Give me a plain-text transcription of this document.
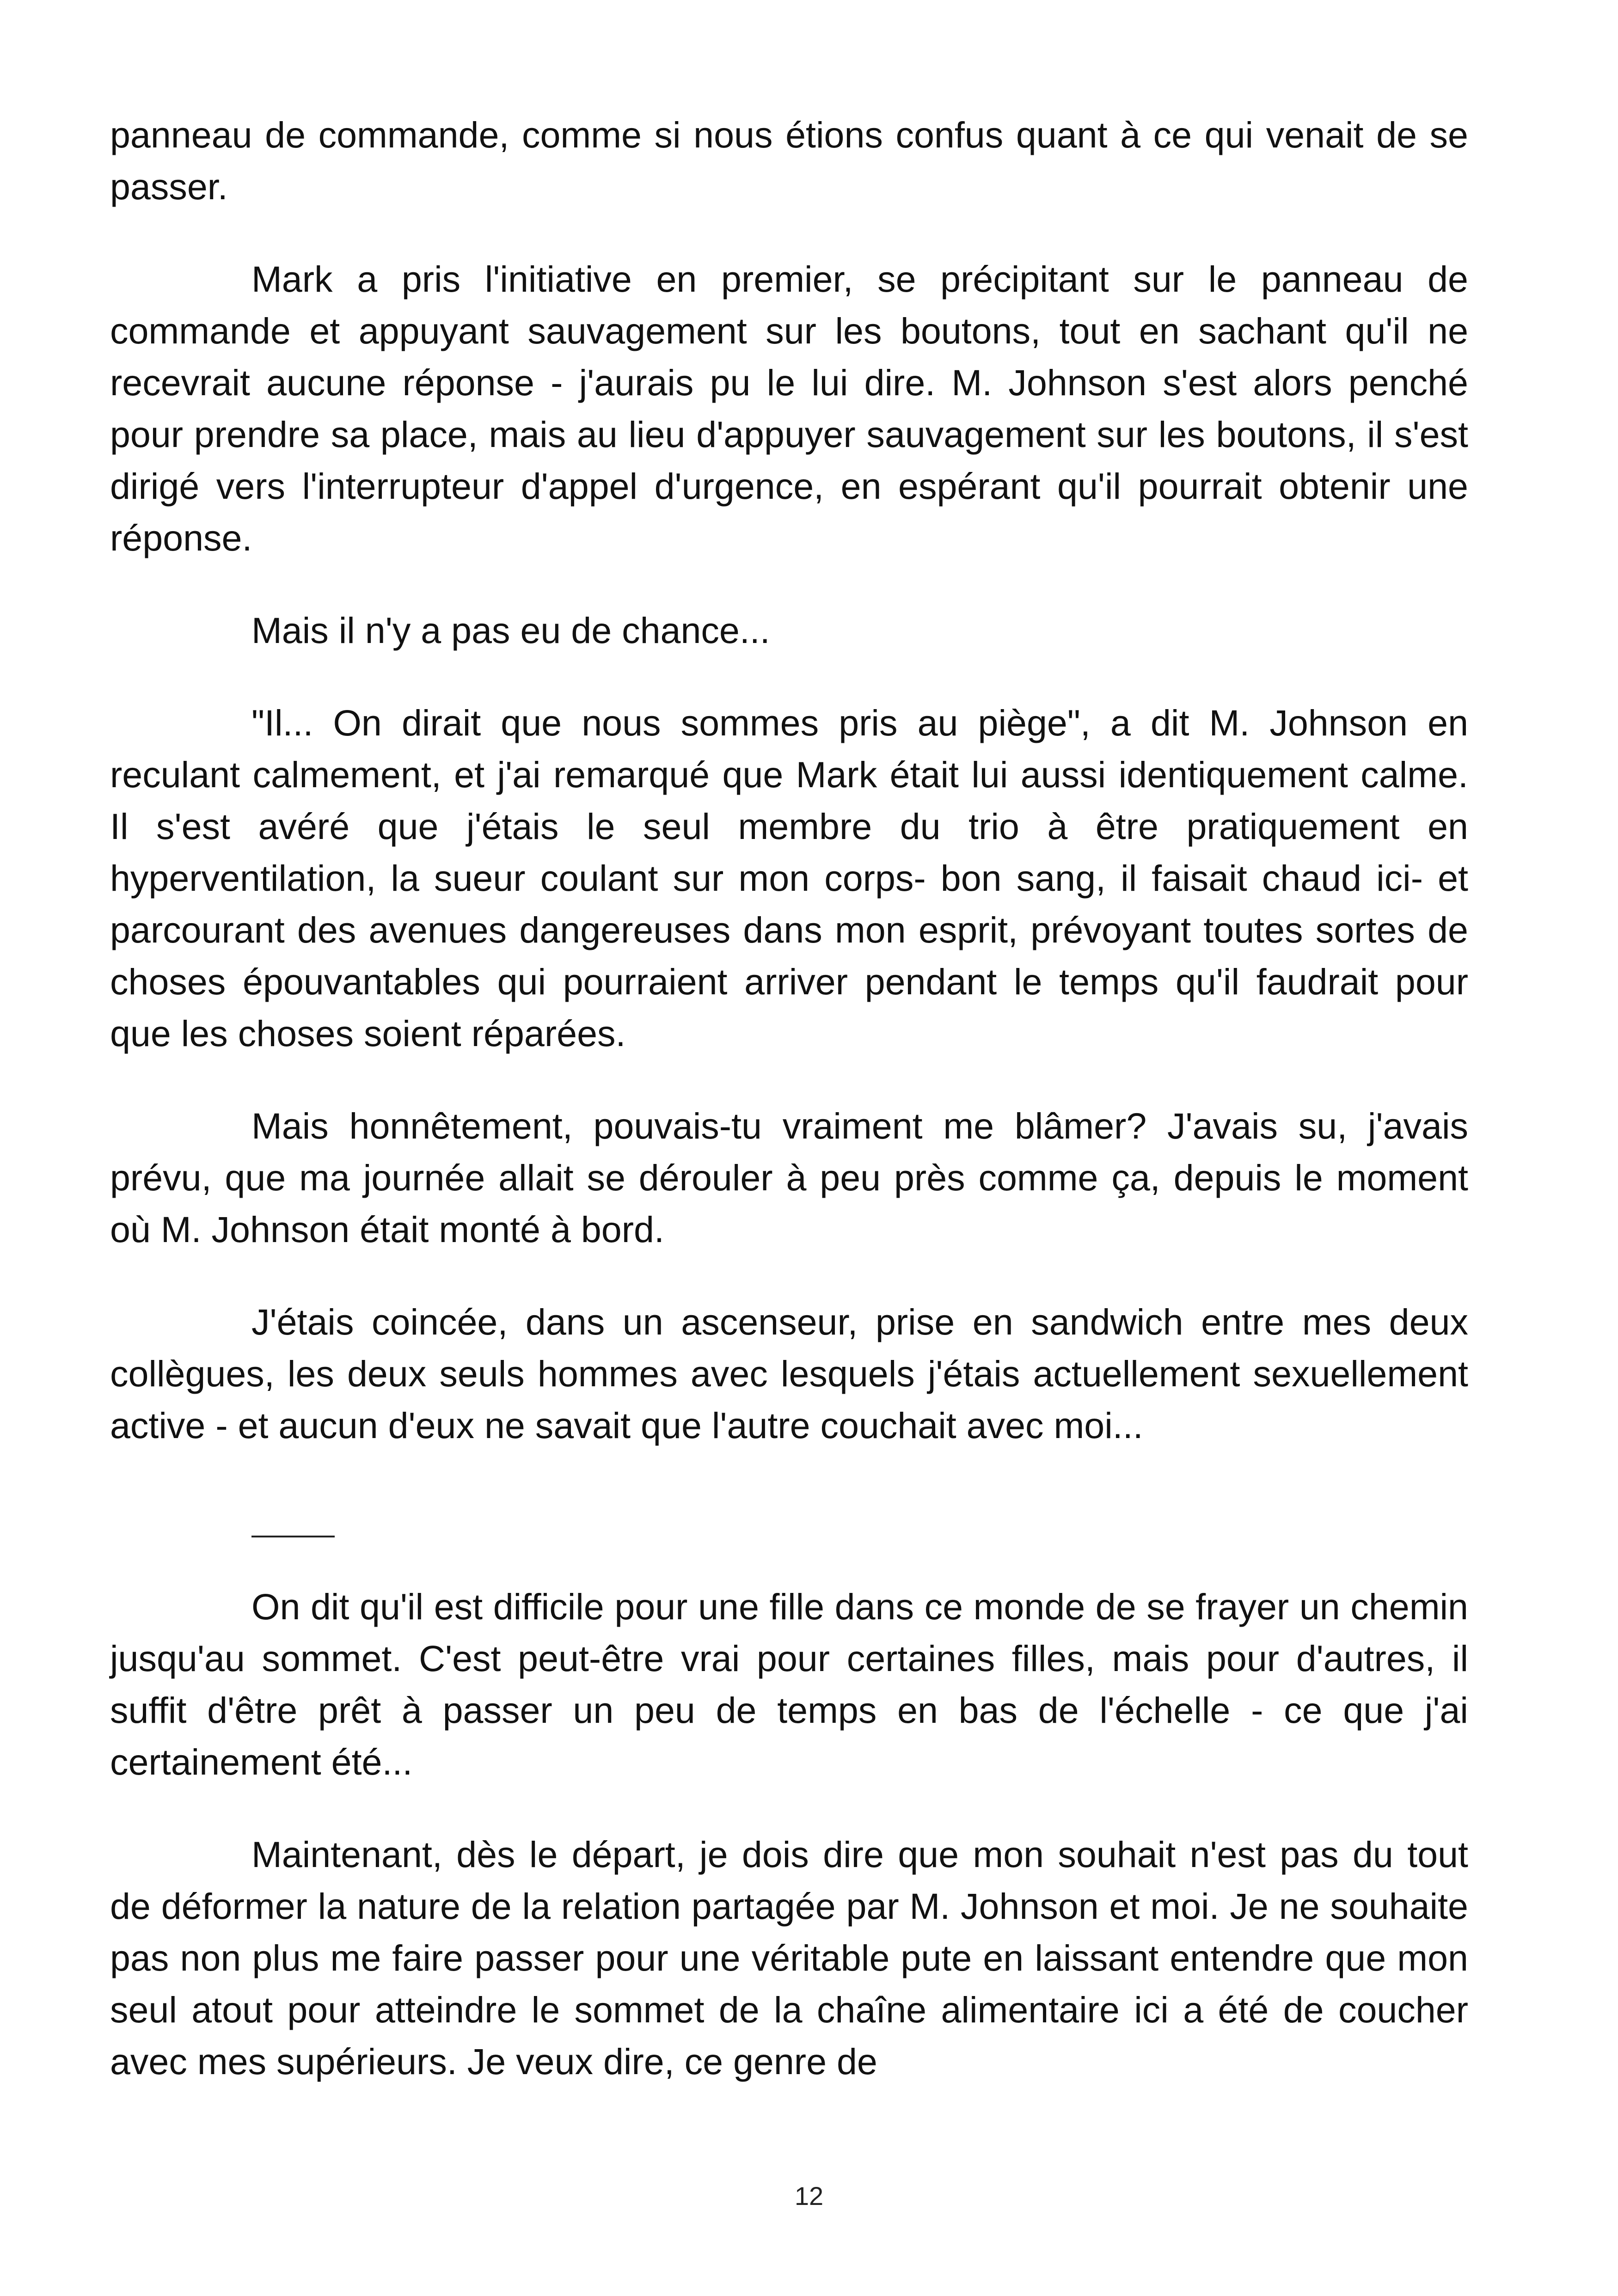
panneau de commande, comme si nous étions confus quant à ce qui venait de se passer.

Mark a pris l'initiative en premier, se précipitant sur le panneau de commande et appuyant sauvagement sur les boutons, tout en sachant qu'il ne recevrait aucune réponse - j'aurais pu le lui dire. M. Johnson s'est alors penché pour prendre sa place, mais au lieu d'appuyer sauvagement sur les boutons, il s'est dirigé vers l'interrupteur d'appel d'urgence, en espérant qu'il pourrait obtenir une réponse.

Mais il n'y a pas eu de chance...

"Il... On dirait que nous sommes pris au piège", a dit M. Johnson en reculant calmement, et j'ai remarqué que Mark était lui aussi identiquement calme. Il s'est avéré que j'étais le seul membre du trio à être pratiquement en hyperventilation, la sueur coulant sur mon corps- bon sang, il faisait chaud ici- et parcourant des avenues dangereuses dans mon esprit, prévoyant toutes sortes de choses épouvantables qui pourraient arriver pendant le temps qu'il faudrait pour que les choses soient réparées.

Mais honnêtement, pouvais-tu vraiment me blâmer? J'avais su, j'avais prévu, que ma journée allait se dérouler à peu près comme ça, depuis le moment où M. Johnson était monté à bord.

J'étais coincée, dans un ascenseur, prise en sandwich entre mes deux collègues, les deux seuls hommes avec lesquels j'étais actuellement sexuellement active - et aucun d'eux ne savait que l'autre couchait avec moi...

On dit qu'il est difficile pour une fille dans ce monde de se frayer un chemin jusqu'au sommet. C'est peut-être vrai pour certaines filles, mais pour d'autres, il suffit d'être prêt à passer un peu de temps en bas de l'échelle - ce que j'ai certainement été...

Maintenant, dès le départ, je dois dire que mon souhait n'est pas du tout de déformer la nature de la relation partagée par M. Johnson et moi. Je ne souhaite pas non plus me faire passer pour une véritable pute en laissant entendre que mon seul atout pour atteindre le sommet de la chaîne alimentaire ici a été de coucher avec mes supérieurs. Je veux dire, ce genre de

12
